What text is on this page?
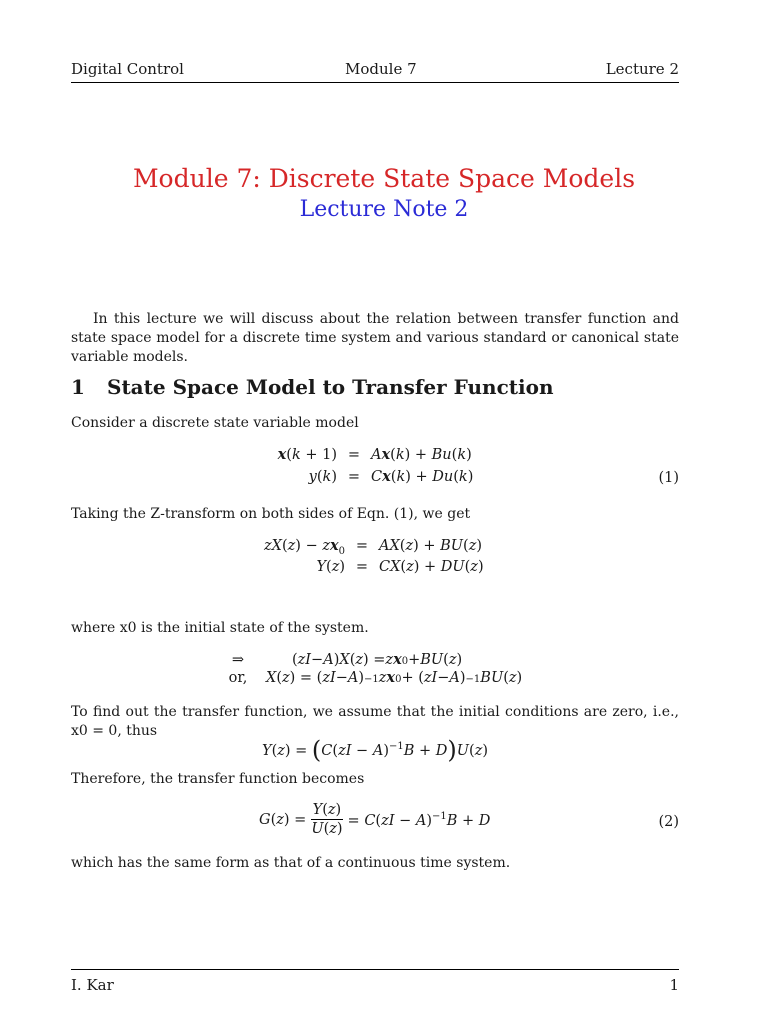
Digital Control	Module 7	Lecture 2
Module 7: Discrete State Space Models
Lecture Note 2
In this lecture we will discuss about the relation between transfer function and state space model for a discrete time system and various standard or canonical state variable models.
1 State Space Model to Transfer Function
Consider a discrete state variable model
x(k + 1) = Ax(k) + Bu(k)
y(k) = Cx(k) + Du(k)	(1)
Taking the Z-transform on both sides of Eqn. (1), we get
$zX(z) - zx_0 = AX(z) + BU(z)$
Y(z) = CX(z) + DU(z)
where x0 is the initial state of the system.
⇒	( zI − A ) X ( z ) = z x 0 + BU ( z )
or,	X ( z ) = ( zI − A ) −1 z x 0 + ( zI − A ) −1 BU ( z )
To find out the transfer function, we assume that the initial conditions are zero, i.e., x0 = 0, thus
Y(z) = (C(zI − A)$^{-1}$B + D)U(z)
Therefore, the transfer function becomes
$G(z) = \frac{Y(z)}{U(z)} = C(zI - A)^{-1}B + D$	(2)
which has the same form as that of a continuous time system.
I. Kar	1
